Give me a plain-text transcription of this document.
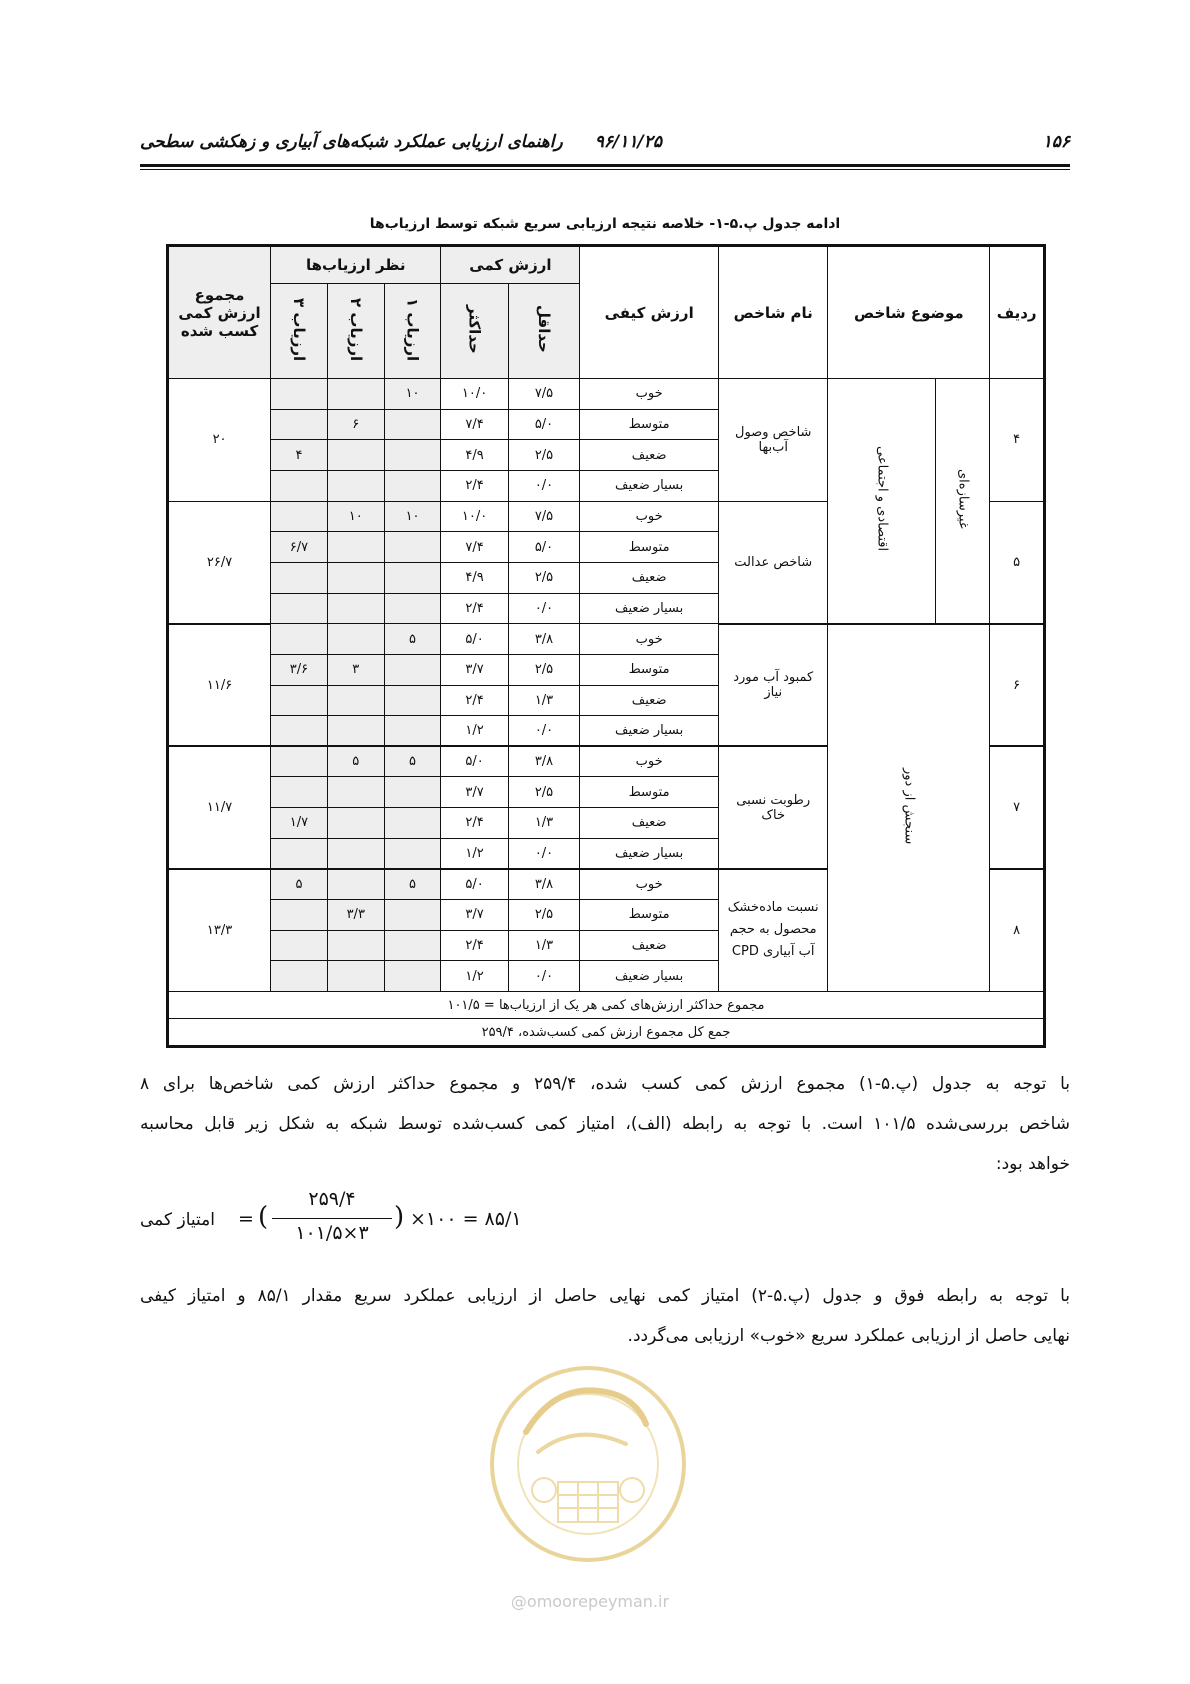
۱۵۶
۹۶/۱۱/۲۵
راهنمای ارزیابی عملکرد شبکه‌های آبیاری و زهکشی سطحی
ادامه جدول پ.۵-۱- خلاصه نتیجه ارزیابی سریع شبکه توسط ارزیاب‌ها
ردیف	موضوع شاخص		نام شاخص	ارزش کیفی	ارزش کمی		نظر ارزیاب‌ها			مجموع ارزش کمی کسب شده
					حداقل	حداکثر	ارزیاب ۱	ارزیاب ۲	ارزیاب ۳	
۴	غیرسازه‌ای	اقتصادی و اجتماعی	شاخص وصول آب‌بها	خوب	۷/۵	۱۰/۰	۱۰			۲۰
				متوسط	۵/۰	۷/۴		۶		
				ضعیف	۲/۵	۴/۹			۴	
				بسیار ضعیف	۰/۰	۲/۴				
۵			شاخص عدالت	خوب	۷/۵	۱۰/۰	۱۰	۱۰		۲۶/۷
				متوسط	۵/۰	۷/۴			۶/۷	
				ضعیف	۲/۵	۴/۹				
				بسیار ضعیف	۰/۰	۲/۴				
۶	سنجش از دور		کمبود آب مورد نیاز	خوب	۳/۸	۵/۰	۵			۱۱/۶
				متوسط	۲/۵	۳/۷		۳	۳/۶	
				ضعیف	۱/۳	۲/۴				
				بسیار ضعیف	۰/۰	۱/۲				
۷			رطوبت نسبی خاک	خوب	۳/۸	۵/۰	۵	۵		۱۱/۷
				متوسط	۲/۵	۳/۷				
				ضعیف	۱/۳	۲/۴			۱/۷	
				بسیار ضعیف	۰/۰	۱/۲				
۸			نسبت ماده‌خشک محصول به حجم آب آبیاری CPD	خوب	۳/۸	۵/۰	۵		۵	۱۳/۳
				متوسط	۲/۵	۳/۷		۳/۳		
				ضعیف	۱/۳	۲/۴				
				بسیار ضعیف	۰/۰	۱/۲				
مجموع حداکثر ارزش‌های کمی هر یک از ارزیاب‌ها = ۱۰۱/۵										
جمع کل مجموع ارزش کمی کسب‌شده، ۲۵۹/۴										
با توجه به جدول (پ.۵-۱) مجموع ارزش کمی کسب شده، ۲۵۹/۴ و مجموع حداکثر ارزش کمی شاخص‌ها برای ۸
شاخص بررسی‌شده ۱۰۱/۵ است. با توجه به رابطه (الف)، امتیاز کمی کسب‌شده توسط شبکه به شکل زیر قابل محاسبه
خواهد بود:
امتیاز کمی = (
۲۵۹/۴
۱۰۱/۵×۳
) ×۱۰۰ = ۸۵/۱
با توجه به رابطه فوق و جدول (پ.۵-۲) امتیاز کمی نهایی حاصل از ارزیابی عملکرد سریع مقدار ۸۵/۱ و امتیاز کیفی
نهایی حاصل از ارزیابی عملکرد سریع «خوب» ارزیابی می‌گردد.
@omoorepeyman.ir
